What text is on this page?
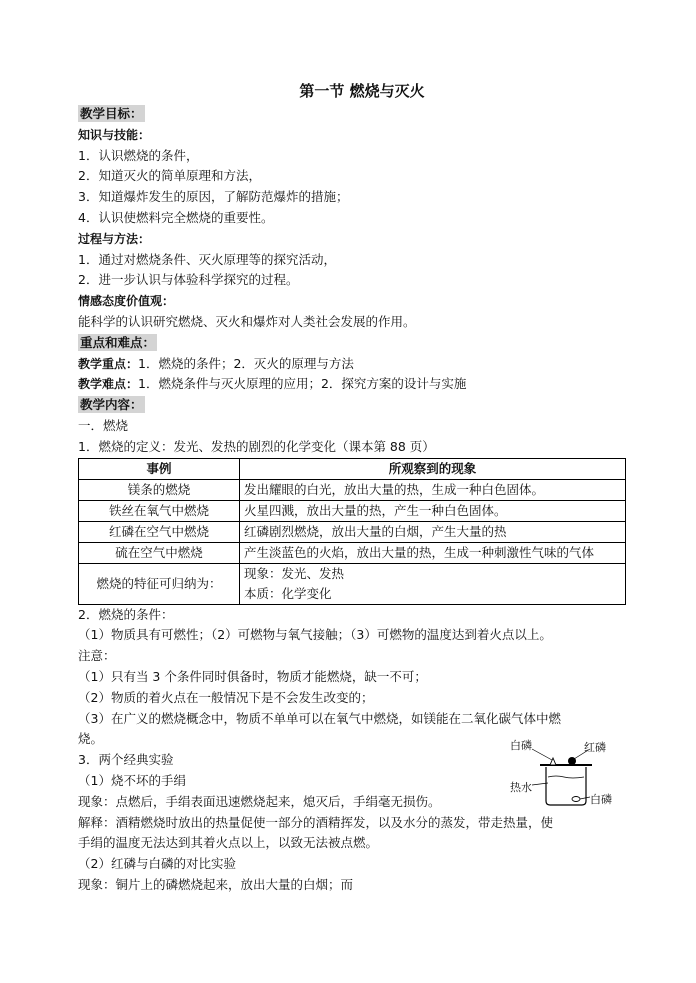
第一节 燃烧与灭火
教学目标：
知识与技能：
1．认识燃烧的条件，
2．知道灭火的简单原理和方法，
3．知道爆炸发生的原因，了解防范爆炸的措施；
4．认识使燃料完全燃烧的重要性。
过程与方法：
1．通过对燃烧条件、灭火原理等的探究活动，
2．进一步认识与体验科学探究的过程。
情感态度价值观：
能科学的认识研究燃烧、灭火和爆炸对人类社会发展的作用。
重点和难点：
教学重点：1．燃烧的条件；2．灭火的原理与方法
教学难点：1．燃烧条件与灭火原理的应用；2．探究方案的设计与实施
教学内容：
一．燃烧
1．燃烧的定义：发光、发热的剧烈的化学变化（课本第 88 页）
事例	所观察到的现象
镁条的燃烧	发出耀眼的白光，放出大量的热，生成一种白色固体。
铁丝在氧气中燃烧	火星四溅，放出大量的热，产生一种白色固体。
红磷在空气中燃烧	红磷剧烈燃烧，放出大量的白烟，产生大量的热
硫在空气中燃烧	产生淡蓝色的火焰，放出大量的热，生成一种刺激性气味的气体
燃烧的特征可归纳为：	现象：发光、发热
本质：化学变化
2．燃烧的条件：
（1）物质具有可燃性；（2）可燃物与氧气接触；（3）可燃物的温度达到着火点以上。
注意：
（1）只有当 3 个条件同时俱备时，物质才能燃烧，缺一不可；
（2）物质的着火点在一般情况下是不会发生改变的；
（3）在广义的燃烧概念中，物质不单单可以在氧气中燃烧，如镁能在二氧化碳气体中燃
烧。
3．两个经典实验
（1）烧不坏的手绢
现象：点燃后，手绢表面迅速燃烧起来，熄灭后，手绢毫无损伤。
解释：酒精燃烧时放出的热量促使一部分的酒精挥发，以及水分的蒸发，带走热量，使
手绢的温度无法达到其着火点以上，以致无法被点燃。
（2）红磷与白磷的对比实验
现象：铜片上的磷燃烧起来，放出大量的白烟；而
白磷	红磷
热水
白磷
